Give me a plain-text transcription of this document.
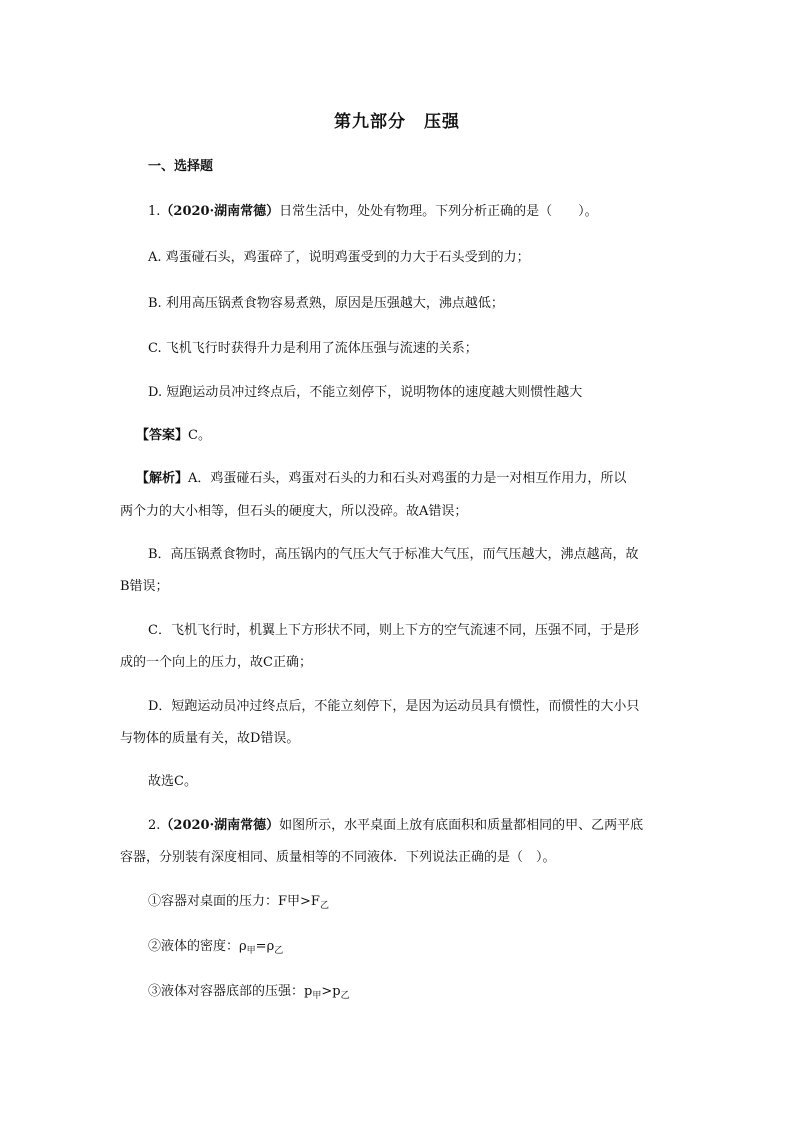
第九部分　压强
一、选择题
1.（2020·湖南常德）日常生活中，处处有物理。下列分析正确的是（　　）。
A. 鸡蛋碰石头，鸡蛋碎了，说明鸡蛋受到的力大于石头受到的力；
B. 利用高压锅煮食物容易煮熟，原因是压强越大，沸点越低；
C. 飞机飞行时获得升力是利用了流体压强与流速的关系；
D. 短跑运动员冲过终点后，不能立刻停下，说明物体的速度越大则惯性越大
【答案】C。
【解析】A．鸡蛋碰石头，鸡蛋对石头的力和石头对鸡蛋的力是一对相互作用力，所以
两个力的大小相等，但石头的硬度大，所以没碎。故A错误；
B．高压锅煮食物时，高压锅内的气压大气于标准大气压，而气压越大，沸点越高，故
B错误；
C．飞机飞行时，机翼上下方形状不同，则上下方的空气流速不同，压强不同，于是形
成的一个向上的压力，故C正确；
D．短跑运动员冲过终点后，不能立刻停下，是因为运动员具有惯性，而惯性的大小只
与物体的质量有关，故D错误。
故选C。
2.（2020·湖南常德）如图所示，水平桌面上放有底面积和质量都相同的甲、乙两平底
容器，分别装有深度相同、质量相等的不同液体．下列说法正确的是（　）。
①容器对桌面的压力：F甲$>F_乙$
②液体的密度：$\rho_甲=\rho_乙$
③液体对容器底部的压强：$p_甲>p_乙$
